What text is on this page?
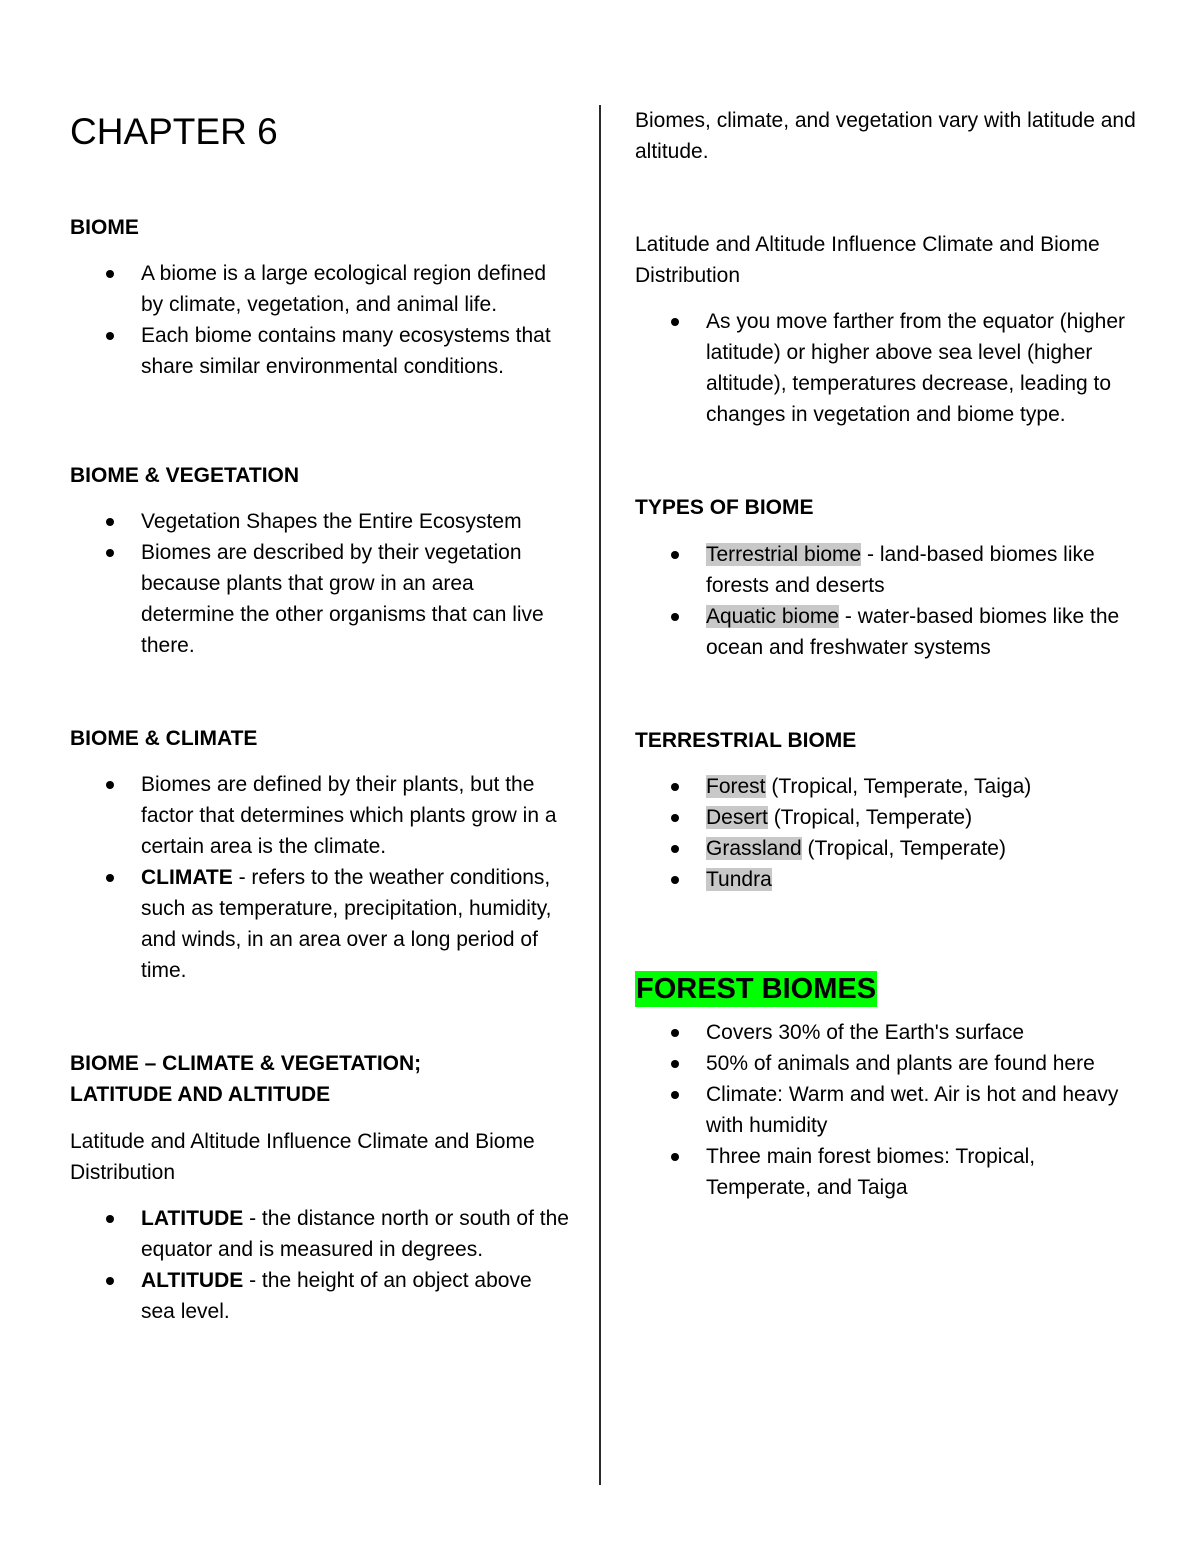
CHAPTER 6

BIOME

A biome is a large ecological region defined by climate, vegetation, and animal life.
Each biome contains many ecosystems that share similar environmental conditions.

BIOME & VEGETATION

Vegetation Shapes the Entire Ecosystem
Biomes are described by their vegetation because plants that grow in an area determine the other organisms that can live there.

BIOME & CLIMATE

Biomes are defined by their plants, but the factor that determines which plants grow in a certain area is the climate.
CLIMATE - refers to the weather conditions, such as temperature, precipitation, humidity, and winds, in an area over a long period of time.

BIOME – CLIMATE & VEGETATION;

LATITUDE AND ALTITUDE

Latitude and Altitude Influence Climate and Biome Distribution

LATITUDE - the distance north or south of the equator and is measured in degrees.
ALTITUDE - the height of an object above sea level.

Biomes, climate, and vegetation vary with latitude and altitude.

Latitude and Altitude Influence Climate and Biome Distribution

As you move farther from the equator (higher latitude) or higher above sea level (higher altitude), temperatures decrease, leading to changes in vegetation and biome type.

TYPES OF BIOME

Terrestrial biome - land-based biomes like forests and deserts
Aquatic biome - water-based biomes like the ocean and freshwater systems

TERRESTRIAL BIOME

Forest (Tropical, Temperate, Taiga)
Desert (Tropical, Temperate)
Grassland (Tropical, Temperate)
Tundra
FOREST BIOMES
Covers 30% of the Earth's surface
50% of animals and plants are found here
Climate: Warm and wet. Air is hot and heavy with humidity
Three main forest biomes: Tropical, Temperate, and Taiga
